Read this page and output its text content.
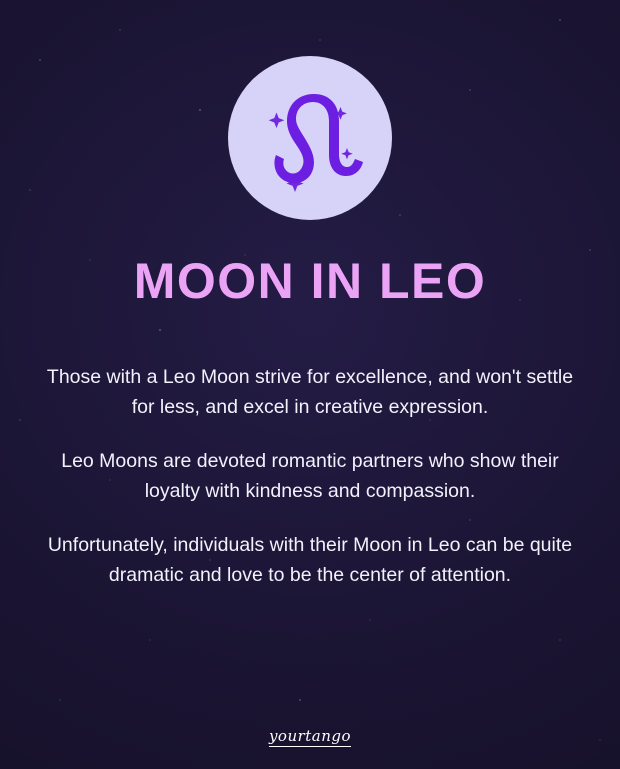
MOON IN LEO

Those with a Leo Moon strive for excellence, and won't settle for less, and excel in creative expression.

Leo Moons are devoted romantic partners who show their loyalty with kindness and compassion.

Unfortunately, individuals with their Moon in Leo can be quite dramatic and love to be the center of attention.

yourtango
